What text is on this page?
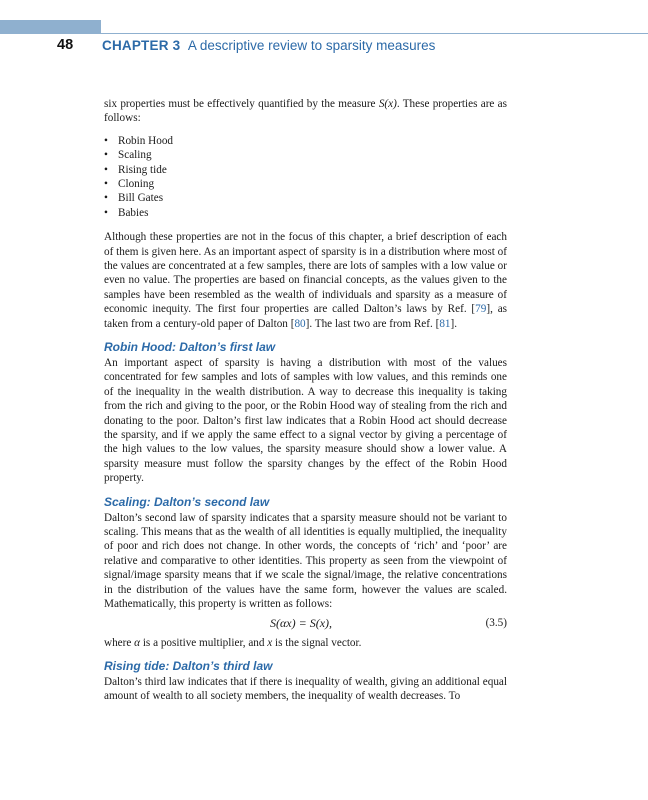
48 CHAPTER 3 A descriptive review to sparsity measures

six properties must be effectively quantified by the measure S(x). These properties are as follows:

• Robin Hood
• Scaling
• Rising tide
• Cloning
• Bill Gates
• Babies

Although these properties are not in the focus of this chapter, a brief description of each of them is given here. As an important aspect of sparsity is in a distribution where most of the values are concentrated at a few samples, there are lots of samples with a low value or even no value. The properties are based on financial concepts, as the values given to the samples have been resembled as the wealth of individuals and sparsity as a measure of economic inequity. The first four properties are called Dalton’s laws by Ref. [79], as taken from a century-old paper of Dalton [80]. The last two are from Ref. [81].

Robin Hood: Dalton’s first law

An important aspect of sparsity is having a distribution with most of the values concentrated for few samples and lots of samples with low values, and this reminds one of the inequality in the wealth distribution. A way to decrease this inequality is taking from the rich and giving to the poor, or the Robin Hood way of stealing from the rich and donating to the poor. Dalton’s first law indicates that a Robin Hood act should decrease the sparsity, and if we apply the same effect to a signal vector by giving a percentage of the high values to the low values, the sparsity measure should show a lower value. A sparsity measure must follow the sparsity changes by the effect of the Robin Hood property.

Scaling: Dalton’s second law

Dalton’s second law of sparsity indicates that a sparsity measure should not be variant to scaling. This means that as the wealth of all identities is equally multiplied, the inequality of poor and rich does not change. In other words, the concepts of ‘rich’ and ‘poor’ are relative and comparative to other identities. This property as seen from the viewpoint of signal/image sparsity means that if we scale the signal/image, the relative concentrations in the distribution of the values have the same form, however the values are scaled. Mathematically, this property is written as follows:

S(αx) = S(x),	(3.5)

where α is a positive multiplier, and x is the signal vector.

Rising tide: Dalton’s third law

Dalton’s third law indicates that if there is inequality of wealth, giving an additional equal amount of wealth to all society members, the inequality of wealth decreases. To
